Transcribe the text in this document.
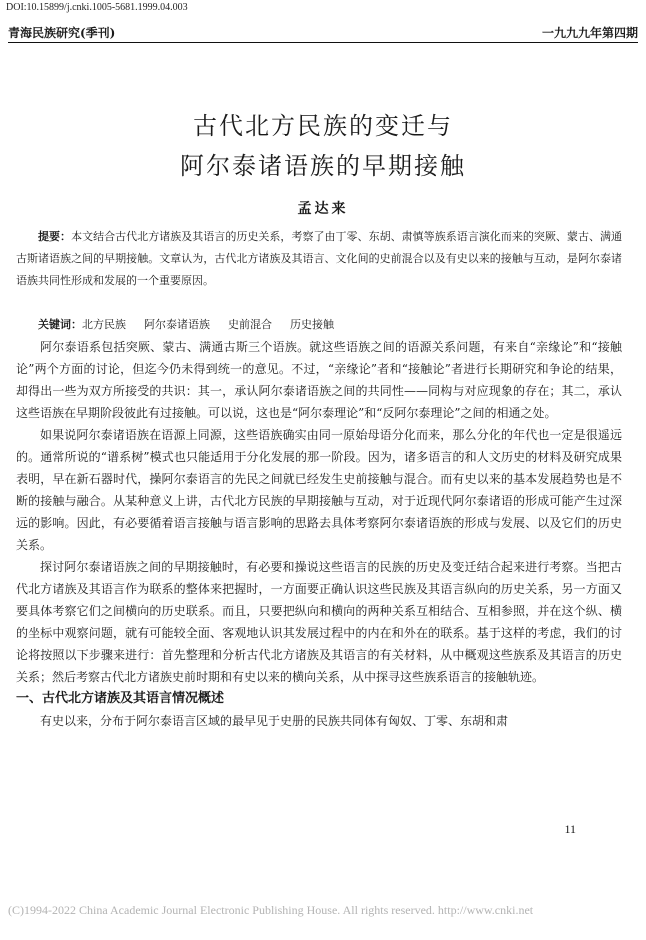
DOI:10.15899/j.cnki.1005-5681.1999.04.003
青海民族研究(季刊)	一九九九年第四期
古代北方民族的变迁与
阿尔泰诸语族的早期接触
孟达来
提要：本文结合古代北方诸族及其语言的历史关系，考察了由丁零、东胡、肃慎等族系语言演化而来的突厥、蒙古、满通古斯诸语族之间的早期接触。文章认为，古代北方诸族及其语言、文化间的史前混合以及有史以来的接触与互动，是阿尔泰诸语族共同性形成和发展的一个重要原因。
关键词：北方民族 阿尔泰诸语族 史前混合 历史接触

阿尔泰语系包括突厥、蒙古、满通古斯三个语族。就这些语族之间的语源关系问题，有来自“亲缘论”和“接触论”两个方面的讨论，但迄今仍未得到统一的意见。不过，“亲缘论”者和“接触论”者进行长期研究和争论的结果，却得出一些为双方所接受的共识：其一，承认阿尔泰诸语族之间的共同性——同构与对应现象的存在；其二，承认这些语族在早期阶段彼此有过接触。可以说，这也是“阿尔泰理论”和“反阿尔泰理论”之间的相通之处。

如果说阿尔泰诸语族在语源上同源，这些语族确实由同一原始母语分化而来，那么分化的年代也一定是很遥远的。通常所说的“谱系树”模式也只能适用于分化发展的那一阶段。因为，诸多语言的和人文历史的材料及研究成果表明，早在新石器时代，操阿尔泰语言的先民之间就已经发生史前接触与混合。而有史以来的基本发展趋势也是不断的接触与融合。从某种意义上讲，古代北方民族的早期接触与互动，对于近现代阿尔泰诸语的形成可能产生过深远的影响。因此，有必要循着语言接触与语言影响的思路去具体考察阿尔泰诸语族的形成与发展、以及它们的历史关系。

探讨阿尔泰诸语族之间的早期接触时，有必要和操说这些语言的民族的历史及变迁结合起来进行考察。当把古代北方诸族及其语言作为联系的整体来把握时，一方面要正确认识这些民族及其语言纵向的历史关系，另一方面又要具体考察它们之间横向的历史联系。而且，只要把纵向和横向的两种关系互相结合、互相参照，并在这个纵、横的坐标中观察问题，就有可能较全面、客观地认识其发展过程中的内在和外在的联系。基于这样的考虑，我们的讨论将按照以下步骤来进行：首先整理和分析古代北方诸族及其语言的有关材料，从中概观这些族系及其语言的历史关系；然后考察古代北方诸族史前时期和有史以来的横向关系，从中探寻这些族系语言的接触轨迹。

一、古代北方诸族及其语言情况概述

有史以来，分布于阿尔泰语言区域的最早见于史册的民族共同体有匈奴、丁零、东胡和肃

11
(C)1994-2022 China Academic Journal Electronic Publishing House. All rights reserved. http://www.cnki.net
